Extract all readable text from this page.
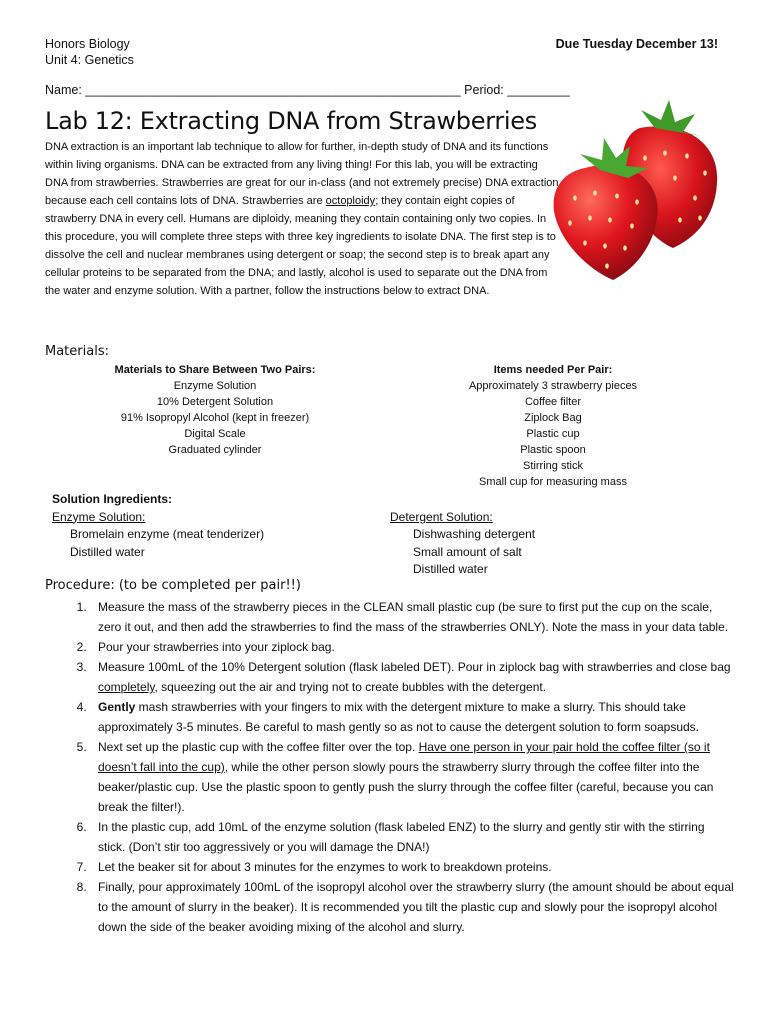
Honors Biology
Unit 4: Genetics
Due Tuesday December 13!
Name: ______________________________________________________ Period: _________
Lab 12: Extracting DNA from Strawberries
DNA extraction is an important lab technique to allow for further, in-depth study of DNA and its functions within living organisms. DNA can be extracted from any living thing! For this lab, you will be extracting DNA from strawberries. Strawberries are great for our in-class (and not extremely precise) DNA extraction because each cell contains lots of DNA. Strawberries are octoploidy; they contain eight copies of strawberry DNA in every cell. Humans are diploidy, meaning they contain containing only two copies. In this procedure, you will complete three steps with three key ingredients to isolate DNA. The first step is to dissolve the cell and nuclear membranes using detergent or soap; the second step is to break apart any cellular proteins to be separated from the DNA; and lastly, alcohol is used to separate out the DNA from the water and enzyme solution. With a partner, follow the instructions below to extract DNA.
Materials:
Materials to Share Between Two Pairs:
Enzyme Solution
10% Detergent Solution
91% Isopropyl Alcohol (kept in freezer)
Digital Scale
Graduated cylinder
Items needed Per Pair:
Approximately 3 strawberry pieces
Coffee filter
Ziplock Bag
Plastic cup
Plastic spoon
Stirring stick
Small cup for measuring mass
Solution Ingredients:
Enzyme Solution:
Bromelain enzyme (meat tenderizer)
Distilled water
Detergent Solution:
Dishwashing detergent
Small amount of salt
Distilled water
Procedure: (to be completed per pair!!)
1. Measure the mass of the strawberry pieces in the CLEAN small plastic cup (be sure to first put the cup on the scale, zero it out, and then add the strawberries to find the mass of the strawberries ONLY). Note the mass in your data table.
2. Pour your strawberries into your ziplock bag.
3. Measure 100mL of the 10% Detergent solution (flask labeled DET). Pour in ziplock bag with strawberries and close bag completely, squeezing out the air and trying not to create bubbles with the detergent.
4. Gently mash strawberries with your fingers to mix with the detergent mixture to make a slurry. This should take approximately 3-5 minutes. Be careful to mash gently so as not to cause the detergent solution to form soapsuds.
5. Next set up the plastic cup with the coffee filter over the top. Have one person in your pair hold the coffee filter (so it doesn’t fall into the cup), while the other person slowly pours the strawberry slurry through the coffee filter into the beaker/plastic cup. Use the plastic spoon to gently push the slurry through the coffee filter (careful, because you can break the filter!).
6. In the plastic cup, add 10mL of the enzyme solution (flask labeled ENZ) to the slurry and gently stir with the stirring stick. (Don’t stir too aggressively or you will damage the DNA!)
7. Let the beaker sit for about 3 minutes for the enzymes to work to breakdown proteins.
8. Finally, pour approximately 100mL of the isopropyl alcohol over the strawberry slurry (the amount should be about equal to the amount of slurry in the beaker). It is recommended you tilt the plastic cup and slowly pour the isopropyl alcohol down the side of the beaker avoiding mixing of the alcohol and slurry.
